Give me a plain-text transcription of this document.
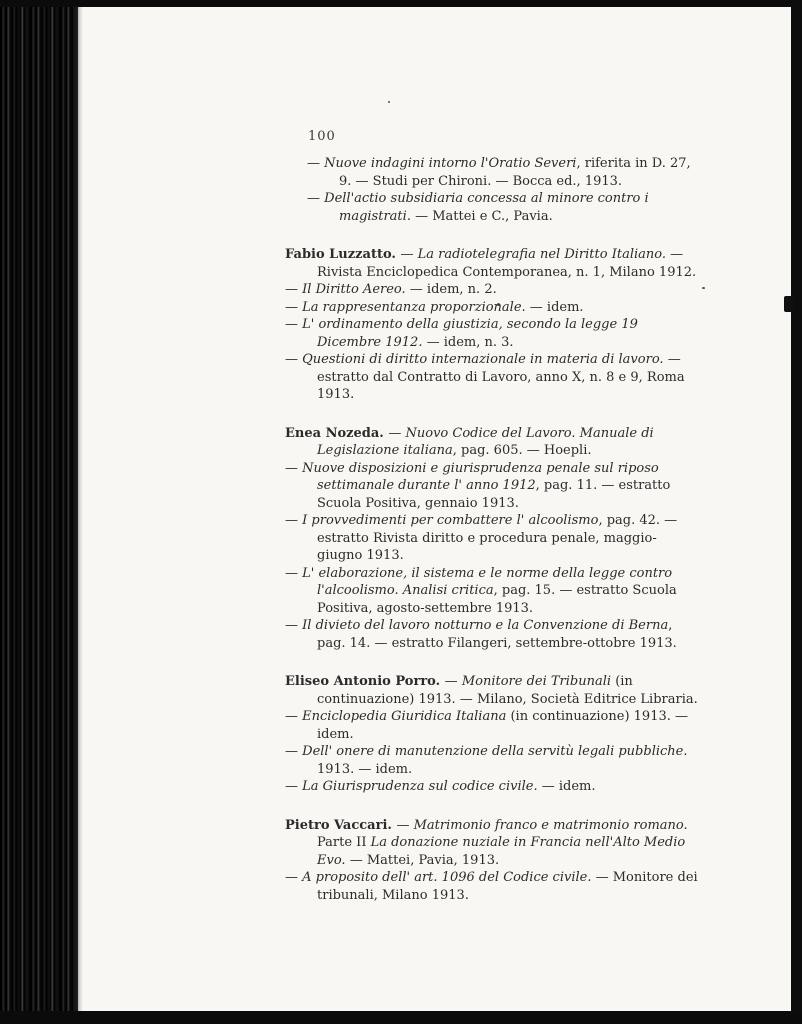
100

— Nuove indagini intorno l'Oratio Severi, riferita in D. 27, 9. — Studi per Chironi. — Bocca ed., 1913.

— Dell'actio subsidiaria concessa al minore contro i magistrati. — Mattei e C., Pavia.

Fabio Luzzatto. — La radiotelegrafia nel Diritto Italiano. — Rivista Enciclopedica Contemporanea, n. 1, Milano 1912.

— Il Diritto Aereo. — idem, n. 2.

— La rappresentanza proporzionale. — idem.

— L' ordinamento della giustizia, secondo la legge 19 Dicembre 1912. — idem, n. 3.

— Questioni di diritto internazionale in materia di lavoro. — estratto dal Contratto di Lavoro, anno X, n. 8 e 9, Roma 1913.

Enea Nozeda. — Nuovo Codice del Lavoro. Manuale di Legislazione italiana, pag. 605. — Hoepli.

— Nuove disposizioni e giurisprudenza penale sul riposo settimanale durante l' anno 1912, pag. 11. — estratto Scuola Positiva, gennaio 1913.

— I provvedimenti per combattere l' alcoolismo, pag. 42. — estratto Rivista diritto e procedura penale, maggio-giugno 1913.

— L' elaborazione, il sistema e le norme della legge contro l'alcoolismo. Analisi critica, pag. 15. — estratto Scuola Positiva, agosto-settembre 1913.

— Il divieto del lavoro notturno e la Convenzione di Berna, pag. 14. — estratto Filangeri, settembre-ottobre 1913.

Eliseo Antonio Porro. — Monitore dei Tribunali (in continuazione) 1913. — Milano, Società Editrice Libraria.

— Enciclopedia Giuridica Italiana (in continuazione) 1913. — idem.

— Dell' onere di manutenzione della servitù legali pubbliche. 1913. — idem.

— La Giurisprudenza sul codice civile. — idem.

Pietro Vaccari. — Matrimonio franco e matrimonio romano. Parte II La donazione nuziale in Francia nell'Alto Medio Evo. — Mattei, Pavia, 1913.

— A proposito dell' art. 1096 del Codice civile. — Monitore dei tribunali, Milano 1913.
